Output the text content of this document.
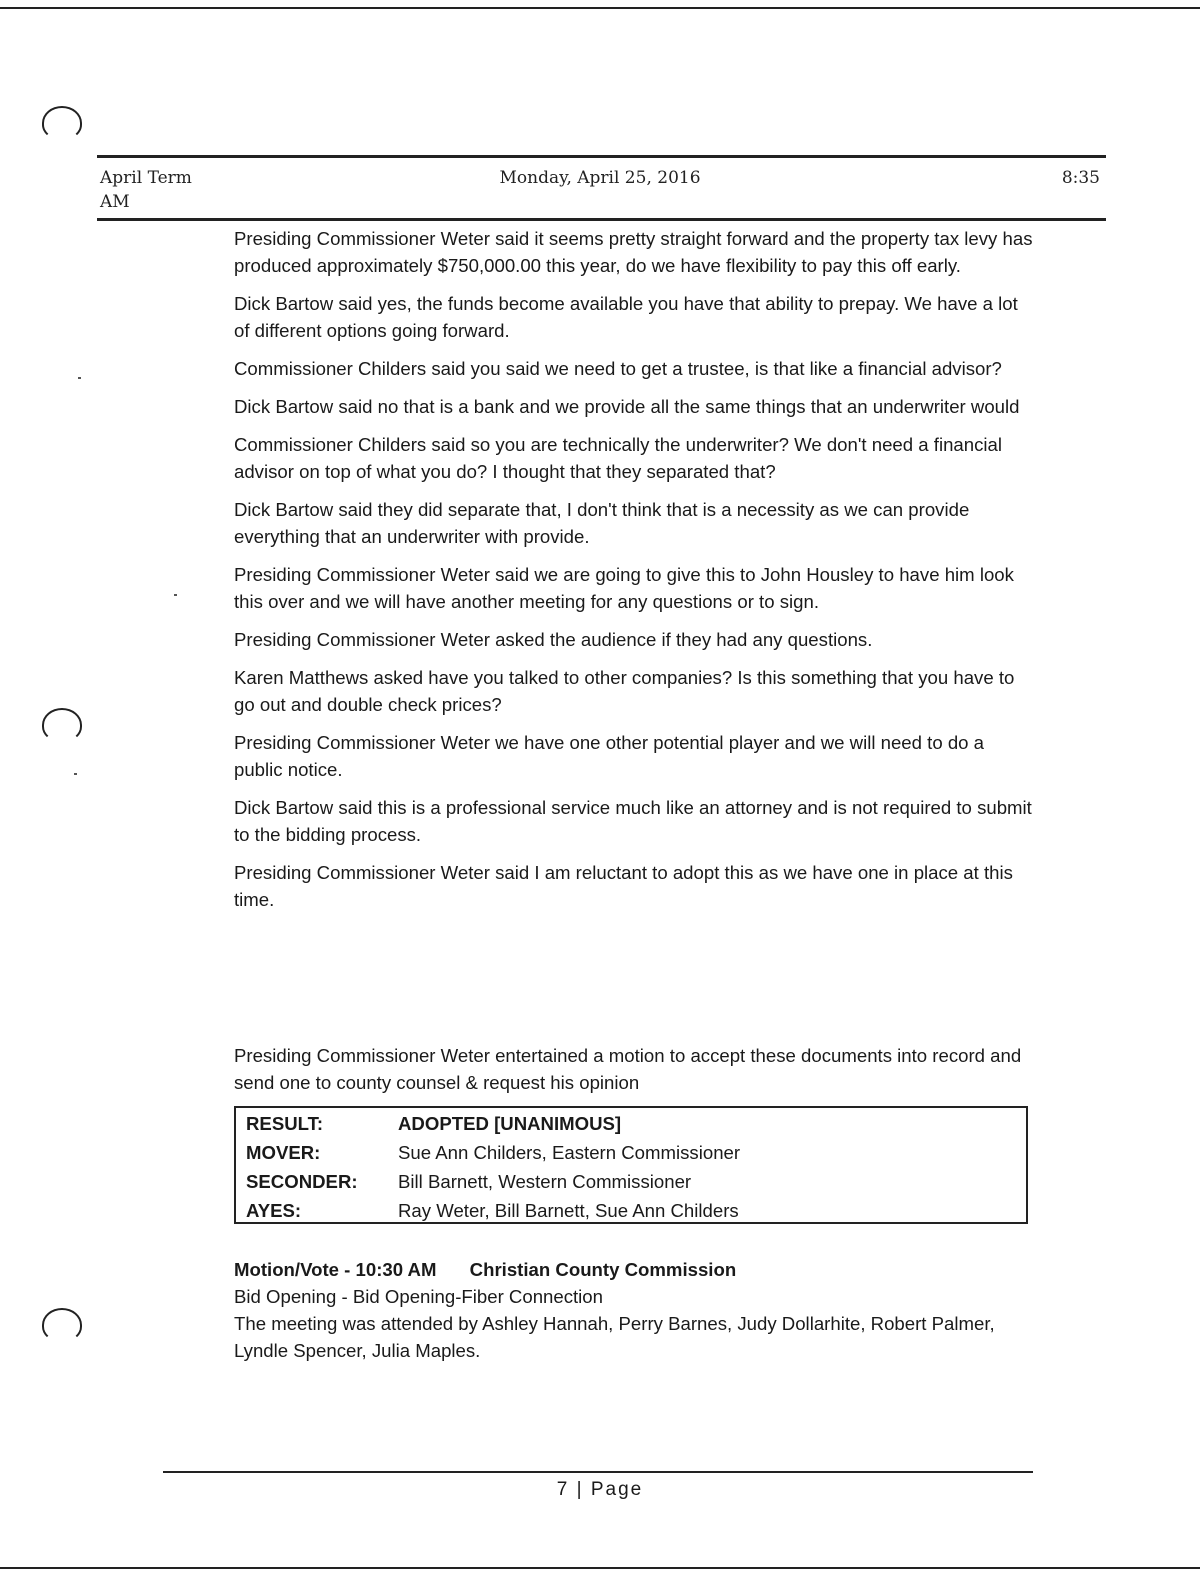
April Term
AM
Monday, April 25, 2016	8:35

Presiding Commissioner Weter said it seems pretty straight forward and the property tax levy has produced approximately $750,000.00 this year, do we have flexibility to pay this off early.

Dick Bartow said yes, the funds become available you have that ability to prepay. We have a lot of different options going forward.

Commissioner Childers said you said we need to get a trustee, is that like a financial advisor?

Dick Bartow said no that is a bank and we provide all the same things that an underwriter would

Commissioner Childers said so you are technically the underwriter? We don't need a financial advisor on top of what you do? I thought that they separated that?

Dick Bartow said they did separate that, I don't think that is a necessity as we can provide everything that an underwriter with provide.

Presiding Commissioner Weter said we are going to give this to John Housley to have him look this over and we will have another meeting for any questions or to sign.

Presiding Commissioner Weter asked the audience if they had any questions.

Karen Matthews asked have you talked to other companies? Is this something that you have to go out and double check prices?

Presiding Commissioner Weter we have one other potential player and we will need to do a public notice.

Dick Bartow said this is a professional service much like an attorney and is not required to submit to the bidding process.

Presiding Commissioner Weter said I am reluctant to adopt this as we have one in place at this time.

Presiding Commissioner Weter entertained a motion to accept these documents into record and send one to county counsel & request his opinion
RESULT:	ADOPTED [UNANIMOUS]
MOVER:	Sue Ann Childers, Eastern Commissioner
SECONDER:	Bill Barnett, Western Commissioner
AYES:	Ray Weter, Bill Barnett, Sue Ann Childers
Motion/Vote - 10:30 AM Christian County Commission
Bid Opening - Bid Opening-Fiber Connection
The meeting was attended by Ashley Hannah, Perry Barnes, Judy Dollarhite, Robert Palmer, Lyndle Spencer, Julia Maples.
7 | Page
